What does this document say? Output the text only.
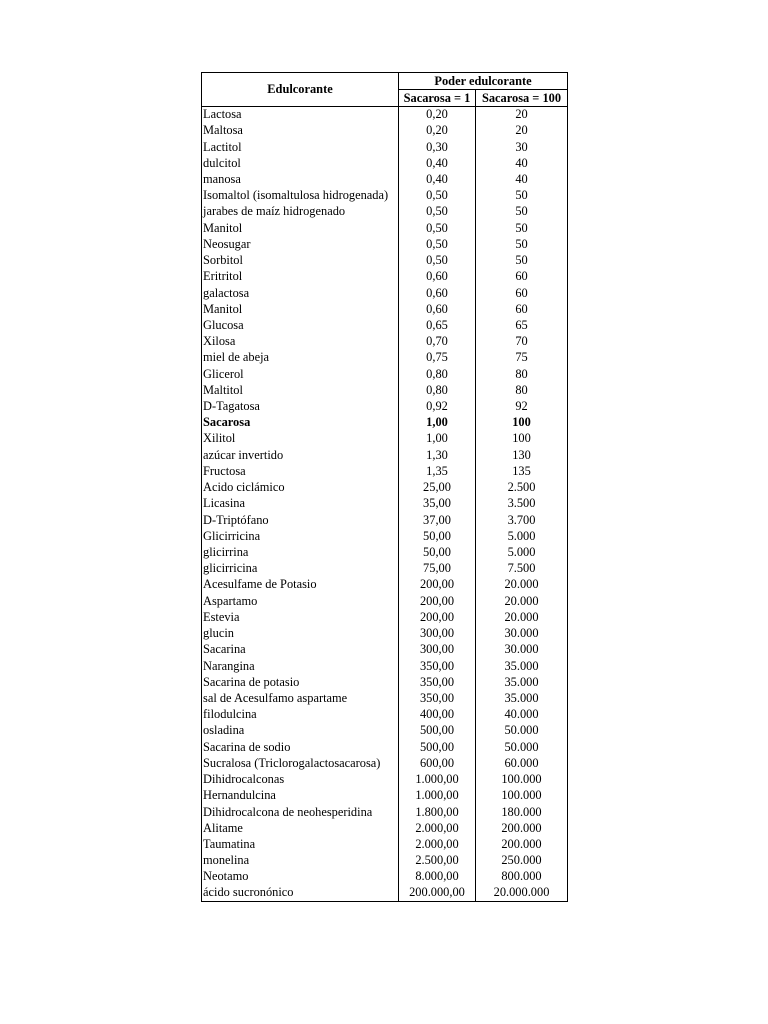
Edulcorante	Poder edulcorante	
	Sacarosa = 1	Sacarosa = 100
Lactosa	0,20	20
Maltosa	0,20	20
Lactitol	0,30	30
dulcitol	0,40	40
manosa	0,40	40
Isomaltol (isomaltulosa hidrogenada)	0,50	50
jarabes de maíz hidrogenado	0,50	50
Manitol	0,50	50
Neosugar	0,50	50
Sorbitol	0,50	50
Eritritol	0,60	60
galactosa	0,60	60
Manitol	0,60	60
Glucosa	0,65	65
Xilosa	0,70	70
miel de abeja	0,75	75
Glicerol	0,80	80
Maltitol	0,80	80
D-Tagatosa	0,92	92
Sacarosa	1,00	100
Xilitol	1,00	100
azúcar invertido	1,30	130
Fructosa	1,35	135
Acido ciclámico	25,00	2.500
Licasina	35,00	3.500
D-Triptófano	37,00	3.700
Glicirricina	50,00	5.000
glicirrina	50,00	5.000
glicirricina	75,00	7.500
Acesulfame de Potasio	200,00	20.000
Aspartamo	200,00	20.000
Estevia	200,00	20.000
glucin	300,00	30.000
Sacarina	300,00	30.000
Narangina	350,00	35.000
Sacarina de potasio	350,00	35.000
sal de Acesulfamo aspartame	350,00	35.000
filodulcina	400,00	40.000
osladina	500,00	50.000
Sacarina de sodio	500,00	50.000
Sucralosa (Triclorogalactosacarosa)	600,00	60.000
Dihidrocalconas	1.000,00	100.000
Hernandulcina	1.000,00	100.000
Dihidrocalcona de neohesperidina	1.800,00	180.000
Alitame	2.000,00	200.000
Taumatina	2.000,00	200.000
monelina	2.500,00	250.000
Neotamo	8.000,00	800.000
ácido sucronónico	200.000,00	20.000.000
